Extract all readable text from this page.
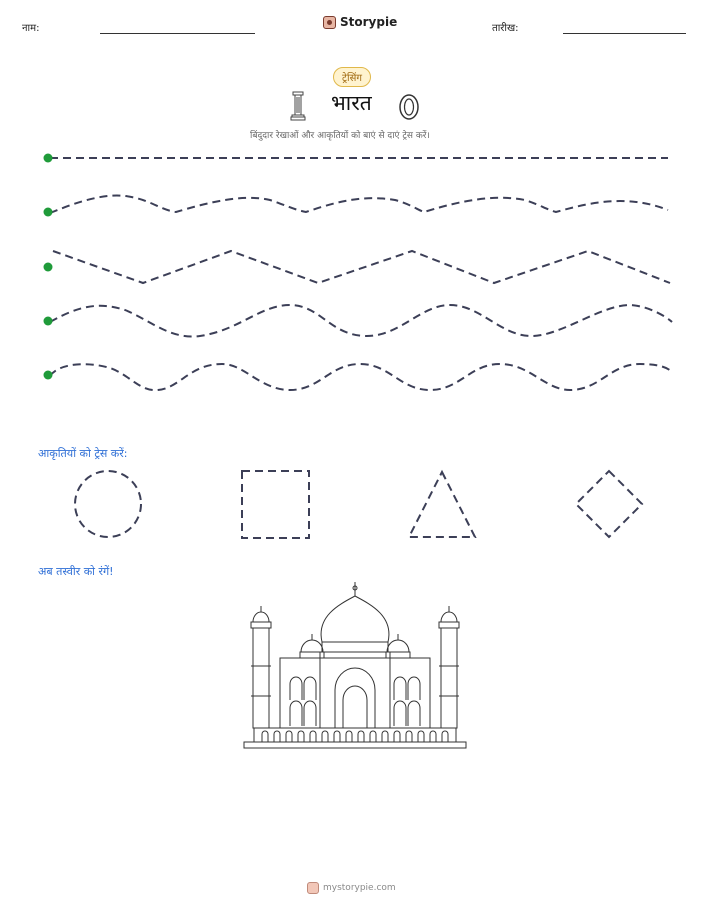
नाम:	Storypie	तारीख:
ट्रेसिंग
भारत
बिंदुदार रेखाओं और आकृतियों को बाएं से दाएं ट्रेस करें।
आकृतियों को ट्रेस करें:
अब तस्वीर को रंगें!
mystorypie.com
